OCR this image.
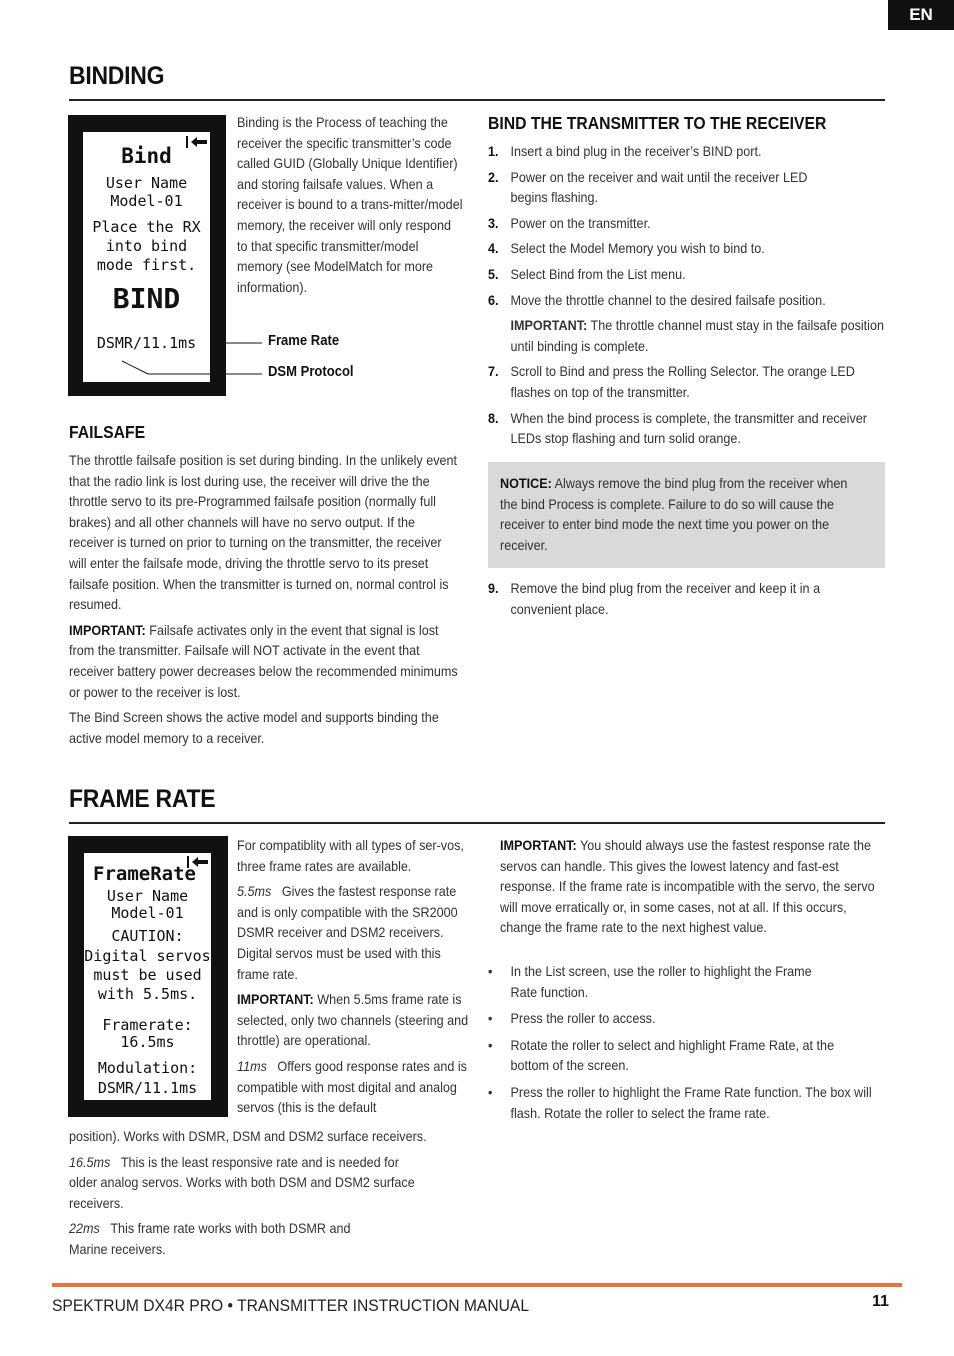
EN
BINDING
Bind
User Name
Model-01
Place the RX
into bind
mode first.
BIND
DSMR/11.1ms	Frame Rate
DSM Protocol
Binding is the Process of teaching the receiver the specific transmitter’s code called GUID (Globally Unique Identifier) and storing failsafe values. When a receiver is bound to a trans-mitter/model memory, the receiver will only respond to that specific transmitter/model memory (see ModelMatch for more information).
FAILSAFE

The throttle failsafe position is set during binding. In the unlikely event that the radio link is lost during use, the receiver will drive the the throttle servo to its pre-Programmed failsafe position (normally full brakes) and all other channels will have no servo output. If the receiver is turned on prior to turning on the transmitter, the receiver will enter the failsafe mode, driving the throttle servo to its preset failsafe position. When the transmitter is turned on, normal control is resumed.

IMPORTANT: Failsafe activates only in the event that signal is lost from the transmitter. Failsafe will NOT activate in the event that receiver battery power decreases below the recommended minimums or power to the receiver is lost.

The Bind Screen shows the active model and supports binding the active model memory to a receiver.

BIND THE TRANSMITTER TO THE RECEIVER
1. Insert a bind plug in the receiver’s BIND port.
2. Power on the receiver and wait until the receiver LED begins flashing.
3. Power on the transmitter.
4. Select the Model Memory you wish to bind to.
5. Select Bind from the List menu.
6. Move the throttle channel to the desired failsafe position.
IMPORTANT: The throttle channel must stay in the failsafe position until binding is complete.
7. Scroll to Bind and press the Rolling Selector. The orange LED flashes on top of the transmitter.
8. When the bind process is complete, the transmitter and receiver LEDs stop flashing and turn solid orange.
NOTICE: Always remove the bind plug from the receiver when the bind Process is complete. Failure to do so will cause the receiver to enter bind mode the next time you power on the receiver.
9. Remove the bind plug from the receiver and keep it in a convenient place.
FRAME RATE
FrameRate
User Name
Model-01
CAUTION:
Digital servos
must be used
with 5.5ms.
Framerate:
16.5ms
Modulation:
DSMR/11.1ms

For compatiblity with all types of ser-vos, three frame rates are available.

5.5ms Gives the fastest response rate and is only compatible with the SR2000 DSMR receiver and DSM2 receivers. Digital servos must be used with this frame rate.

IMPORTANT: When 5.5ms frame rate is selected, only two channels (steering and throttle) are operational.

11ms Offers good response rates and is compatible with most digital and analog servos (this is the default

position). Works with DSMR, DSM and DSM2 surface receivers.

16.5ms This is the least responsive rate and is needed for older analog servos. Works with both DSM and DSM2 surface receivers.

22ms This frame rate works with both DSMR and Marine receivers.

IMPORTANT: You should always use the fastest response rate the servos can handle. This gives the lowest latency and fast-est response. If the frame rate is incompatible with the servo, the servo will move erratically or, in some cases, not at all. If this occurs, change the frame rate to the next highest value.
• In the List screen, use the roller to highlight the Frame Rate function.
• Press the roller to access.
• Rotate the roller to select and highlight Frame Rate, at the bottom of the screen.
• Press the roller to highlight the Frame Rate function. The box will flash. Rotate the roller to select the frame rate.
SPEKTRUM DX4R PRO • TRANSMITTER INSTRUCTION MANUAL	11
